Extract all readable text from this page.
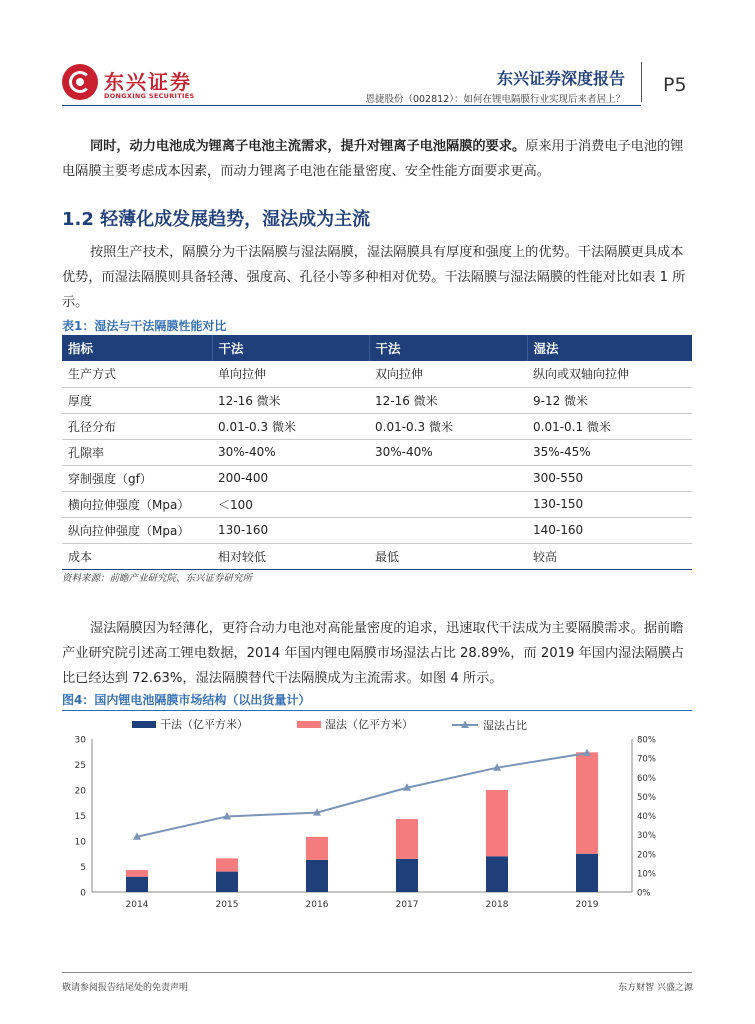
东兴证券
DONGXING SECURITIES
东兴证券深度报告 P5
恩捷股份（002812）：如何在锂电隔膜行业实现后来者居上？
同时，动力电池成为锂离子电池主流需求，提升对锂离子电池隔膜的要求。原来用于消费电子电池的锂电隔膜主要考虑成本因素，而动力锂离子电池在能量密度、安全性能方面要求更高。
1.2 轻薄化成发展趋势，湿法成为主流
按照生产技术，隔膜分为干法隔膜与湿法隔膜，湿法隔膜具有厚度和强度上的优势。干法隔膜更具成本优势，而湿法隔膜则具备轻薄、强度高、孔径小等多种相对优势。干法隔膜与湿法隔膜的性能对比如表 1 所示。
表1：湿法与干法隔膜性能对比
指标	干法	干法	湿法
生产方式	单向拉伸	双向拉伸	纵向或双轴向拉伸
厚度	12-16 微米	12-16 微米	9-12 微米
孔径分布	0.01-0.3 微米	0.01-0.3 微米	0.01-0.1 微米
孔隙率	30%-40%	30%-40%	35%-45%
穿制强度（gf）	200-400		300-550
横向拉伸强度（Mpa）	＜100		130-150
纵向拉伸强度（Mpa）	130-160		140-160
成本	相对较低	最低	较高
资料来源：前瞻产业研究院、东兴证券研究所
湿法隔膜因为轻薄化，更符合动力电池对高能量密度的追求，迅速取代干法成为主要隔膜需求。据前瞻产业研究院引述高工锂电数据，2014 年国内锂电隔膜市场湿法占比 28.89%，而 2019 年国内湿法隔膜占比已经达到 72.63%，湿法隔膜替代干法隔膜成为主流需求。如图 4 所示。
图4：国内锂电池隔膜市场结构（以出货量计）
0
5
10
15
20
25
30
0%
10%
20%
30%
40%
50%
60%
70%
80%
2014	2015	2016	2017	2018	2019
干法（亿平方米）	湿法（亿平方米）	湿法占比
敬请参阅报告结尾处的免责声明	东方财智 兴盛之源
